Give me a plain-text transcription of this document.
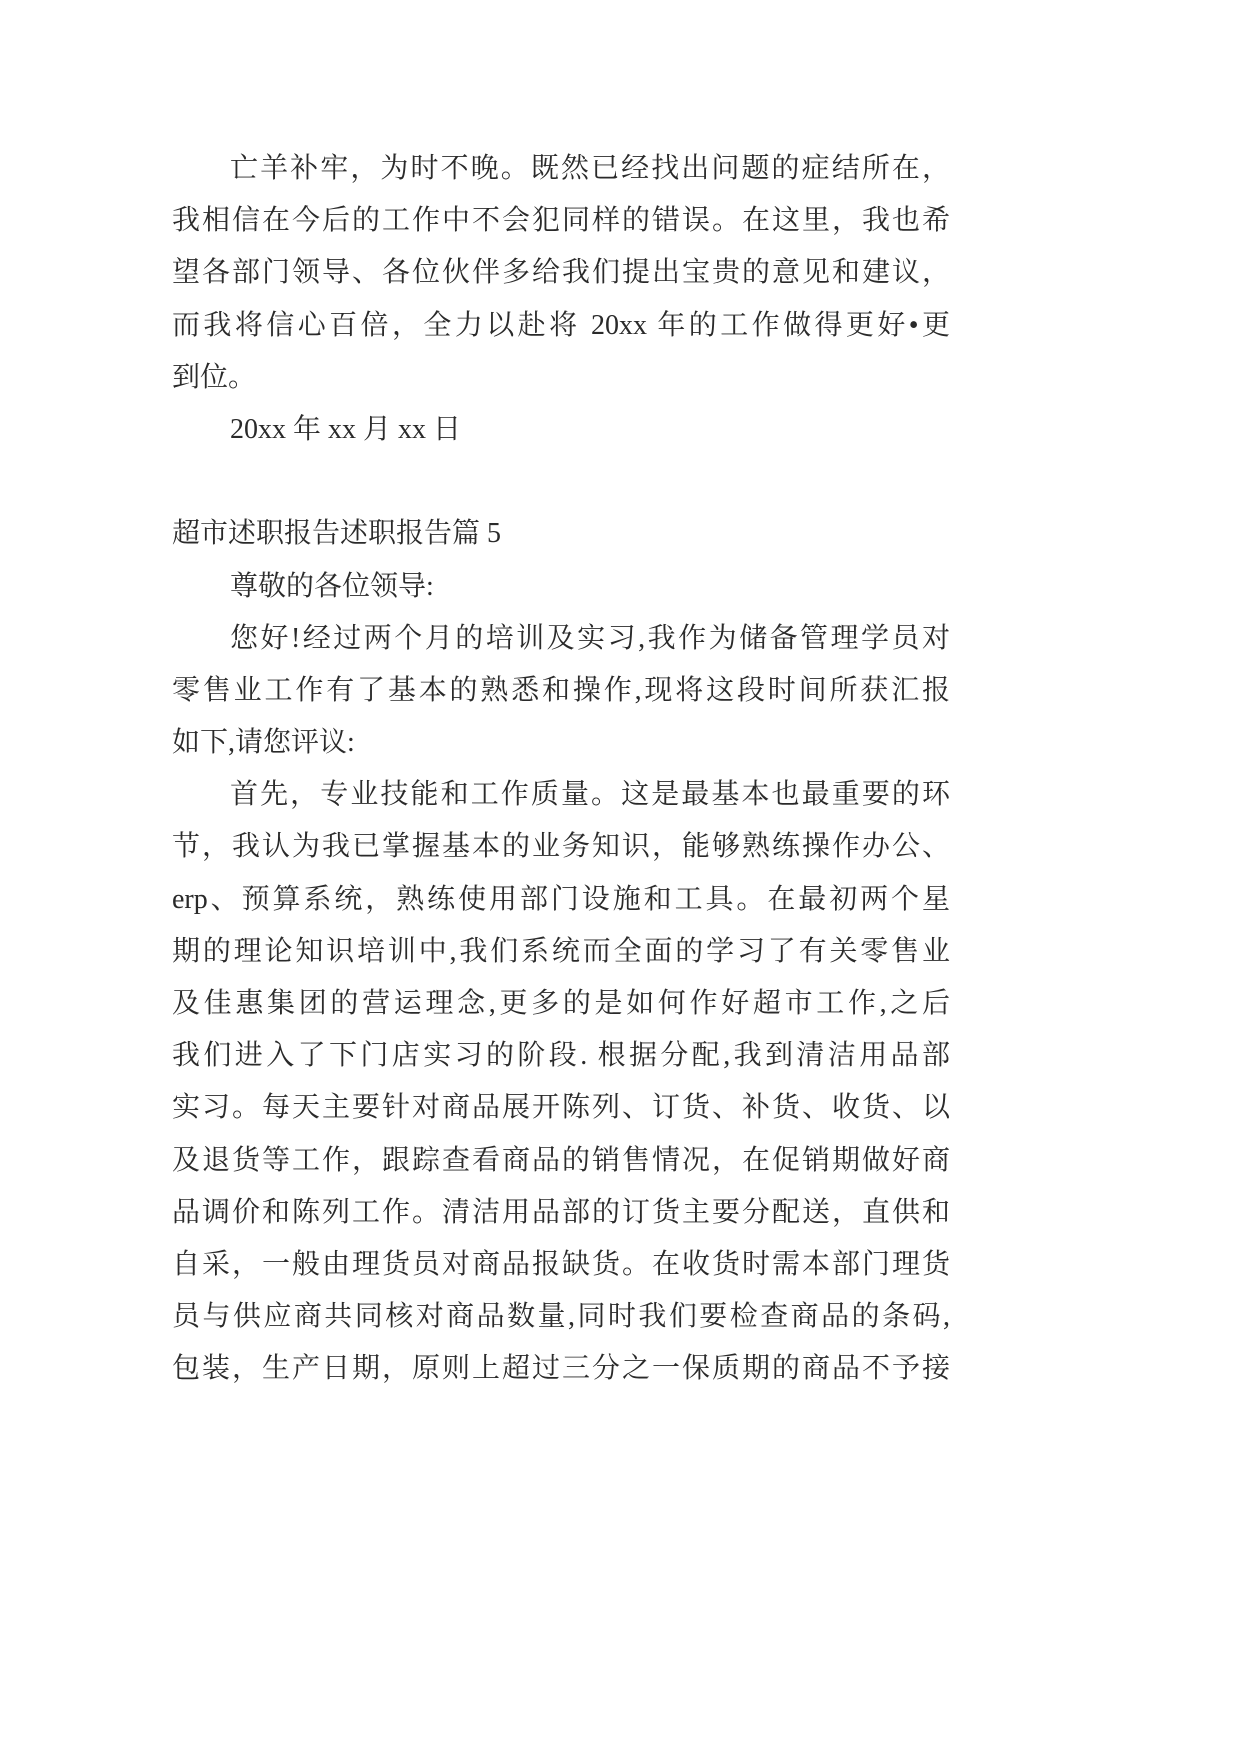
亡羊补牢，为时不晚。既然已经找出问题的症结所在，
我相信在今后的工作中不会犯同样的错误。在这里，我也希
望各部门领导、各位伙伴多给我们提出宝贵的意见和建议，
而我将信心百倍，全力以赴将 20xx 年的工作做得更好•更
到位。
20xx 年 xx 月 xx 日
超市述职报告述职报告篇 5
尊敬的各位领导:
您好!经过两个月的培训及实习,我作为储备管理学员对
零售业工作有了基本的熟悉和操作,现将这段时间所获汇报
如下,请您评议:
首先，专业技能和工作质量。这是最基本也最重要的环
节，我认为我已掌握基本的业务知识，能够熟练操作办公、
erp、预算系统，熟练使用部门设施和工具。在最初两个星
期的理论知识培训中,我们系统而全面的学习了有关零售业
及佳惠集团的营运理念,更多的是如何作好超市工作,之后
我们进入了下门店实习的阶段. 根据分配,我到清洁用品部
实习。每天主要针对商品展开陈列、订货、补货、收货、以
及退货等工作，跟踪查看商品的销售情况，在促销期做好商
品调价和陈列工作。清洁用品部的订货主要分配送，直供和
自采，一般由理货员对商品报缺货。在收货时需本部门理货
员与供应商共同核对商品数量,同时我们要检查商品的条码,
包装，生产日期，原则上超过三分之一保质期的商品不予接
